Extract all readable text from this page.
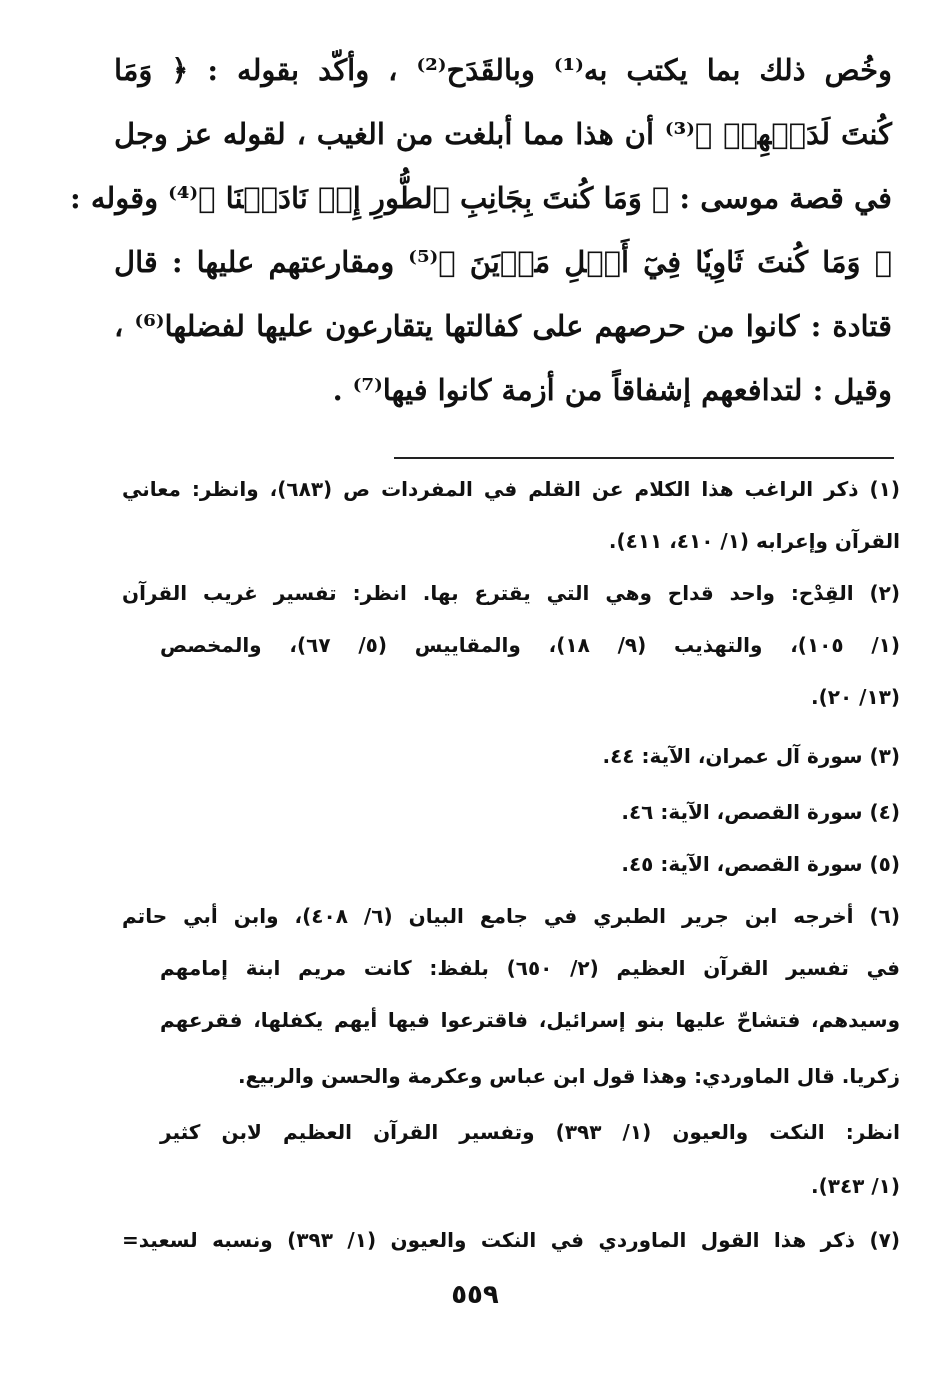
وخُص ذلك بما يكتب به⁽¹⁾ وبالقَدَح⁽²⁾ ، وأكّد بقوله : ﴿ وَمَا
كُنتَ لَدَيۡهِمۡ ﴾⁽³⁾ أن هذا مما أبلغت من الغيب ، لقوله عز وجل
في قصة موسى : ﴿ وَمَا كُنتَ بِجَانِبِ ٱلطُّورِ إِذۡ نَادَيۡنَا ﴾⁽⁴⁾ وقوله :
﴿ وَمَا كُنتَ ثَاوِيٗا فِيٓ أَهۡلِ مَدۡيَنَ ﴾⁽⁵⁾ ومقارعتهم عليها : قال
قتادة : كانوا من حرصهم على كفالتها يتقارعون عليها لفضلها⁽⁶⁾ ،
وقيل : لتدافعهم إشفاقاً من أزمة كانوا فيها⁽⁷⁾ .
(١) ذكر الراغب هذا الكلام عن القلم في المفردات ص (٦٨٣)، وانظر: معاني
القرآن وإعرابه (١/ ٤١٠، ٤١١).
(٢) القِدْح: واحد قداح وهي التي يقترع بها. انظر: تفسير غريب القرآن
(١/ ١٠٥)، والتهذيب (٩/ ١٨)، والمقاييس (٥/ ٦٧)، والمخصص
(١٣/ ٢٠).
(٣) سورة آل عمران، الآية: ٤٤.
(٤) سورة القصص، الآية: ٤٦.
(٥) سورة القصص، الآية: ٤٥.
(٦) أخرجه ابن جرير الطبري في جامع البيان (٦/ ٤٠٨)، وابن أبي حاتم
في تفسير القرآن العظيم (٢/ ٦٥٠) بلفظ: كانت مريم ابنة إمامهم
وسيدهم، فتشاحّ عليها بنو إسرائيل، فاقترعوا فيها أيهم يكفلها، فقرعهم
زكريا. قال الماوردي: وهذا قول ابن عباس وعكرمة والحسن والربيع.
انظر: النكت والعيون (١/ ٣٩٣) وتفسير القرآن العظيم لابن كثير
(١/ ٣٤٣).
(٧) ذكر هذا القول الماوردي في النكت والعيون (١/ ٣٩٣) ونسبه لسعيد=
٥٥٩
